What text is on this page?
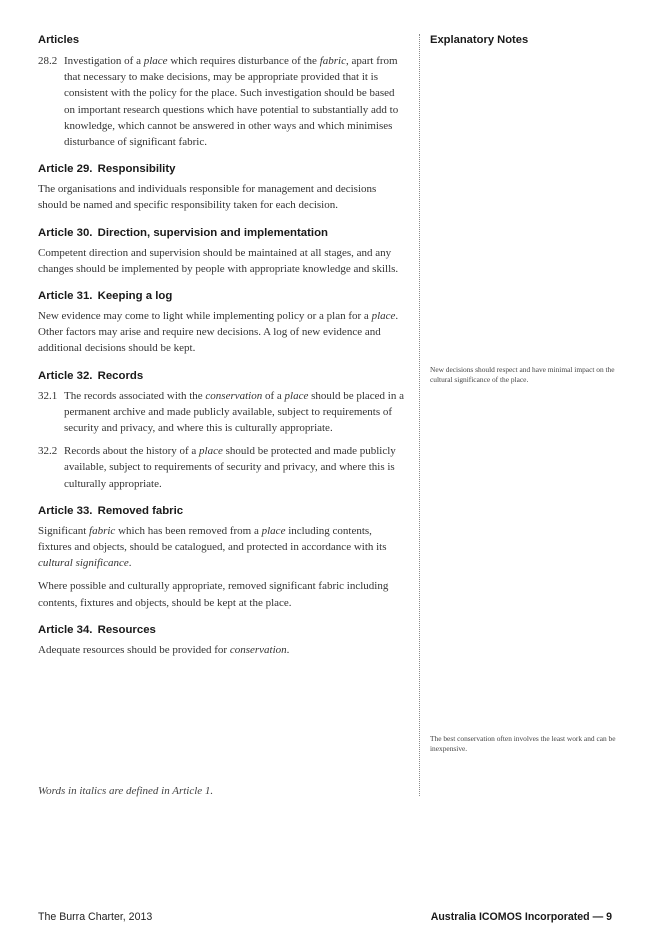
Articles
28.2 Investigation of a place which requires disturbance of the fabric, apart from that necessary to make decisions, may be appropriate provided that it is consistent with the policy for the place. Such investigation should be based on important research questions which have potential to substantially add to knowledge, which cannot be answered in other ways and which minimises disturbance of significant fabric.
Article 29. Responsibility

The organisations and individuals responsible for management and decisions should be named and specific responsibility taken for each decision.

Article 30. Direction, supervision and implementation

Competent direction and supervision should be maintained at all stages, and any changes should be implemented by people with appropriate knowledge and skills.

Article 31. Keeping a log

New evidence may come to light while implementing policy or a plan for a place. Other factors may arise and require new decisions. A log of new evidence and additional decisions should be kept.

Article 32. Records
32.1 The records associated with the conservation of a place should be placed in a permanent archive and made publicly available, subject to requirements of security and privacy, and where this is culturally appropriate.
32.2 Records about the history of a place should be protected and made publicly available, subject to requirements of security and privacy, and where this is culturally appropriate.
Article 33. Removed fabric

Significant fabric which has been removed from a place including contents, fixtures and objects, should be catalogued, and protected in accordance with its cultural significance.

Where possible and culturally appropriate, removed significant fabric including contents, fixtures and objects, should be kept at the place.

Article 34. Resources

Adequate resources should be provided for conservation.

Explanatory Notes

New decisions should respect and have minimal impact on the cultural significance of the place.

The best conservation often involves the least work and can be inexpensive.

Words in italics are defined in Article 1.

The Burra Charter, 2013	Australia ICOMOS Incorporated — 9
